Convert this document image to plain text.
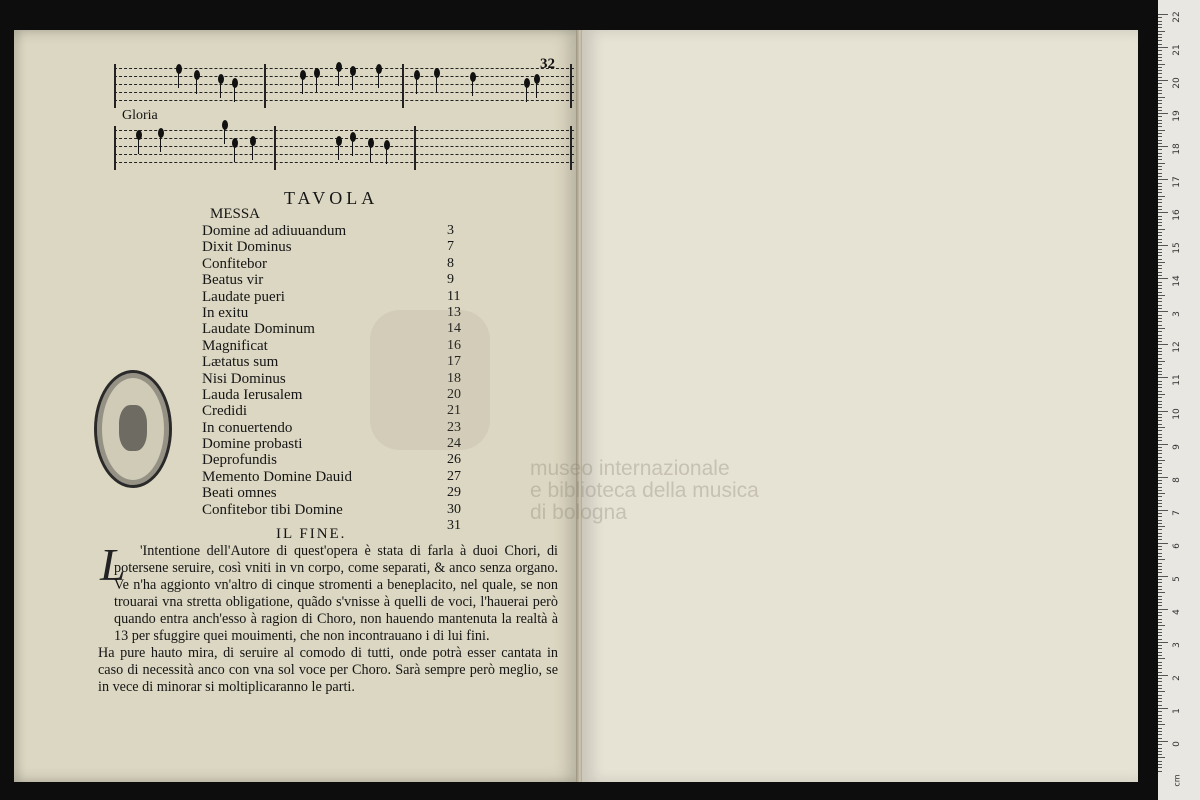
32
Gloria
TAVOLA
MESSA
Domine ad adiuuandum	3
Dixit Dominus	7
Confitebor	8
Beatus vir	9
Laudate pueri	11
In exitu	13
Laudate Dominum	14
Magnificat	16
Lætatus sum	17
Nisi Dominus	18
Lauda Ierusalem	20
Credidi	21
In conuertendo	23
Domine probasti	24
Deprofundis	26
Memento Domine Dauid	27
Beati omnes	29
Confitebor tibi Domine	30
31
IL FINE.
L	'Intentione dell'Autore di quest'opera è stata di farla à duoi Chori, di potersene seruire, così vniti in vn corpo, come separati, & anco senza organo. Ve n'ha aggionto vn'altro di cinque stromenti a beneplacito, nel quale, se non trouarai vna stretta obligatione, quãdo s'vnisse à quelli de voci, l'hauerai però quando entra anch'esso à ragion di Choro, non hauendo mantenuta la realtà à 13 per sfuggire quei mouimenti, che non incontrauano i di lui fini.
Ha pure hauto mira, di seruire al comodo di tutti, onde potrà esser cantata in caso di necessità anco con vna sol voce per Choro. Sarà sempre però meglio, se in vece di minorar si moltiplicaranno le parti.
museo internazionale
e biblioteca della musica
di bologna
cm
22
21
20
19
18
17
16
15
14
3
12
11
10
9
8
7
6
5
4
3
2
1
0
